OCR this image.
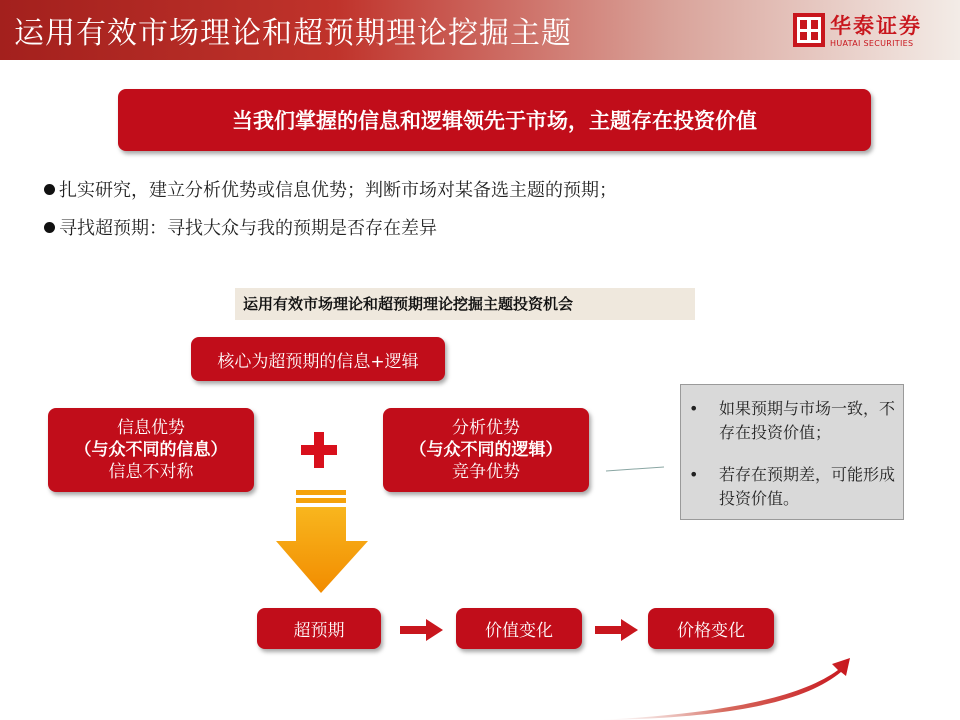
运用有效市场理论和超预期理论挖掘主题	华泰证券
HUATAI SECURITIES
当我们掌握的信息和逻辑领先于市场，主题存在投资价值
扎实研究，建立分析优势或信息优势；判断市场对某备选主题的预期；
寻找超预期：寻找大众与我的预期是否存在差异
运用有效市场理论和超预期理论挖掘主题投资机会
核心为超预期的信息+逻辑
信息优势
（与众不同的信息）
信息不对称
分析优势
（与众不同的逻辑）
竞争优势
• 如果预期与市场一致，不存在投资价值；
• 若存在预期差，可能形成投资价值。
超预期	价值变化	价格变化
